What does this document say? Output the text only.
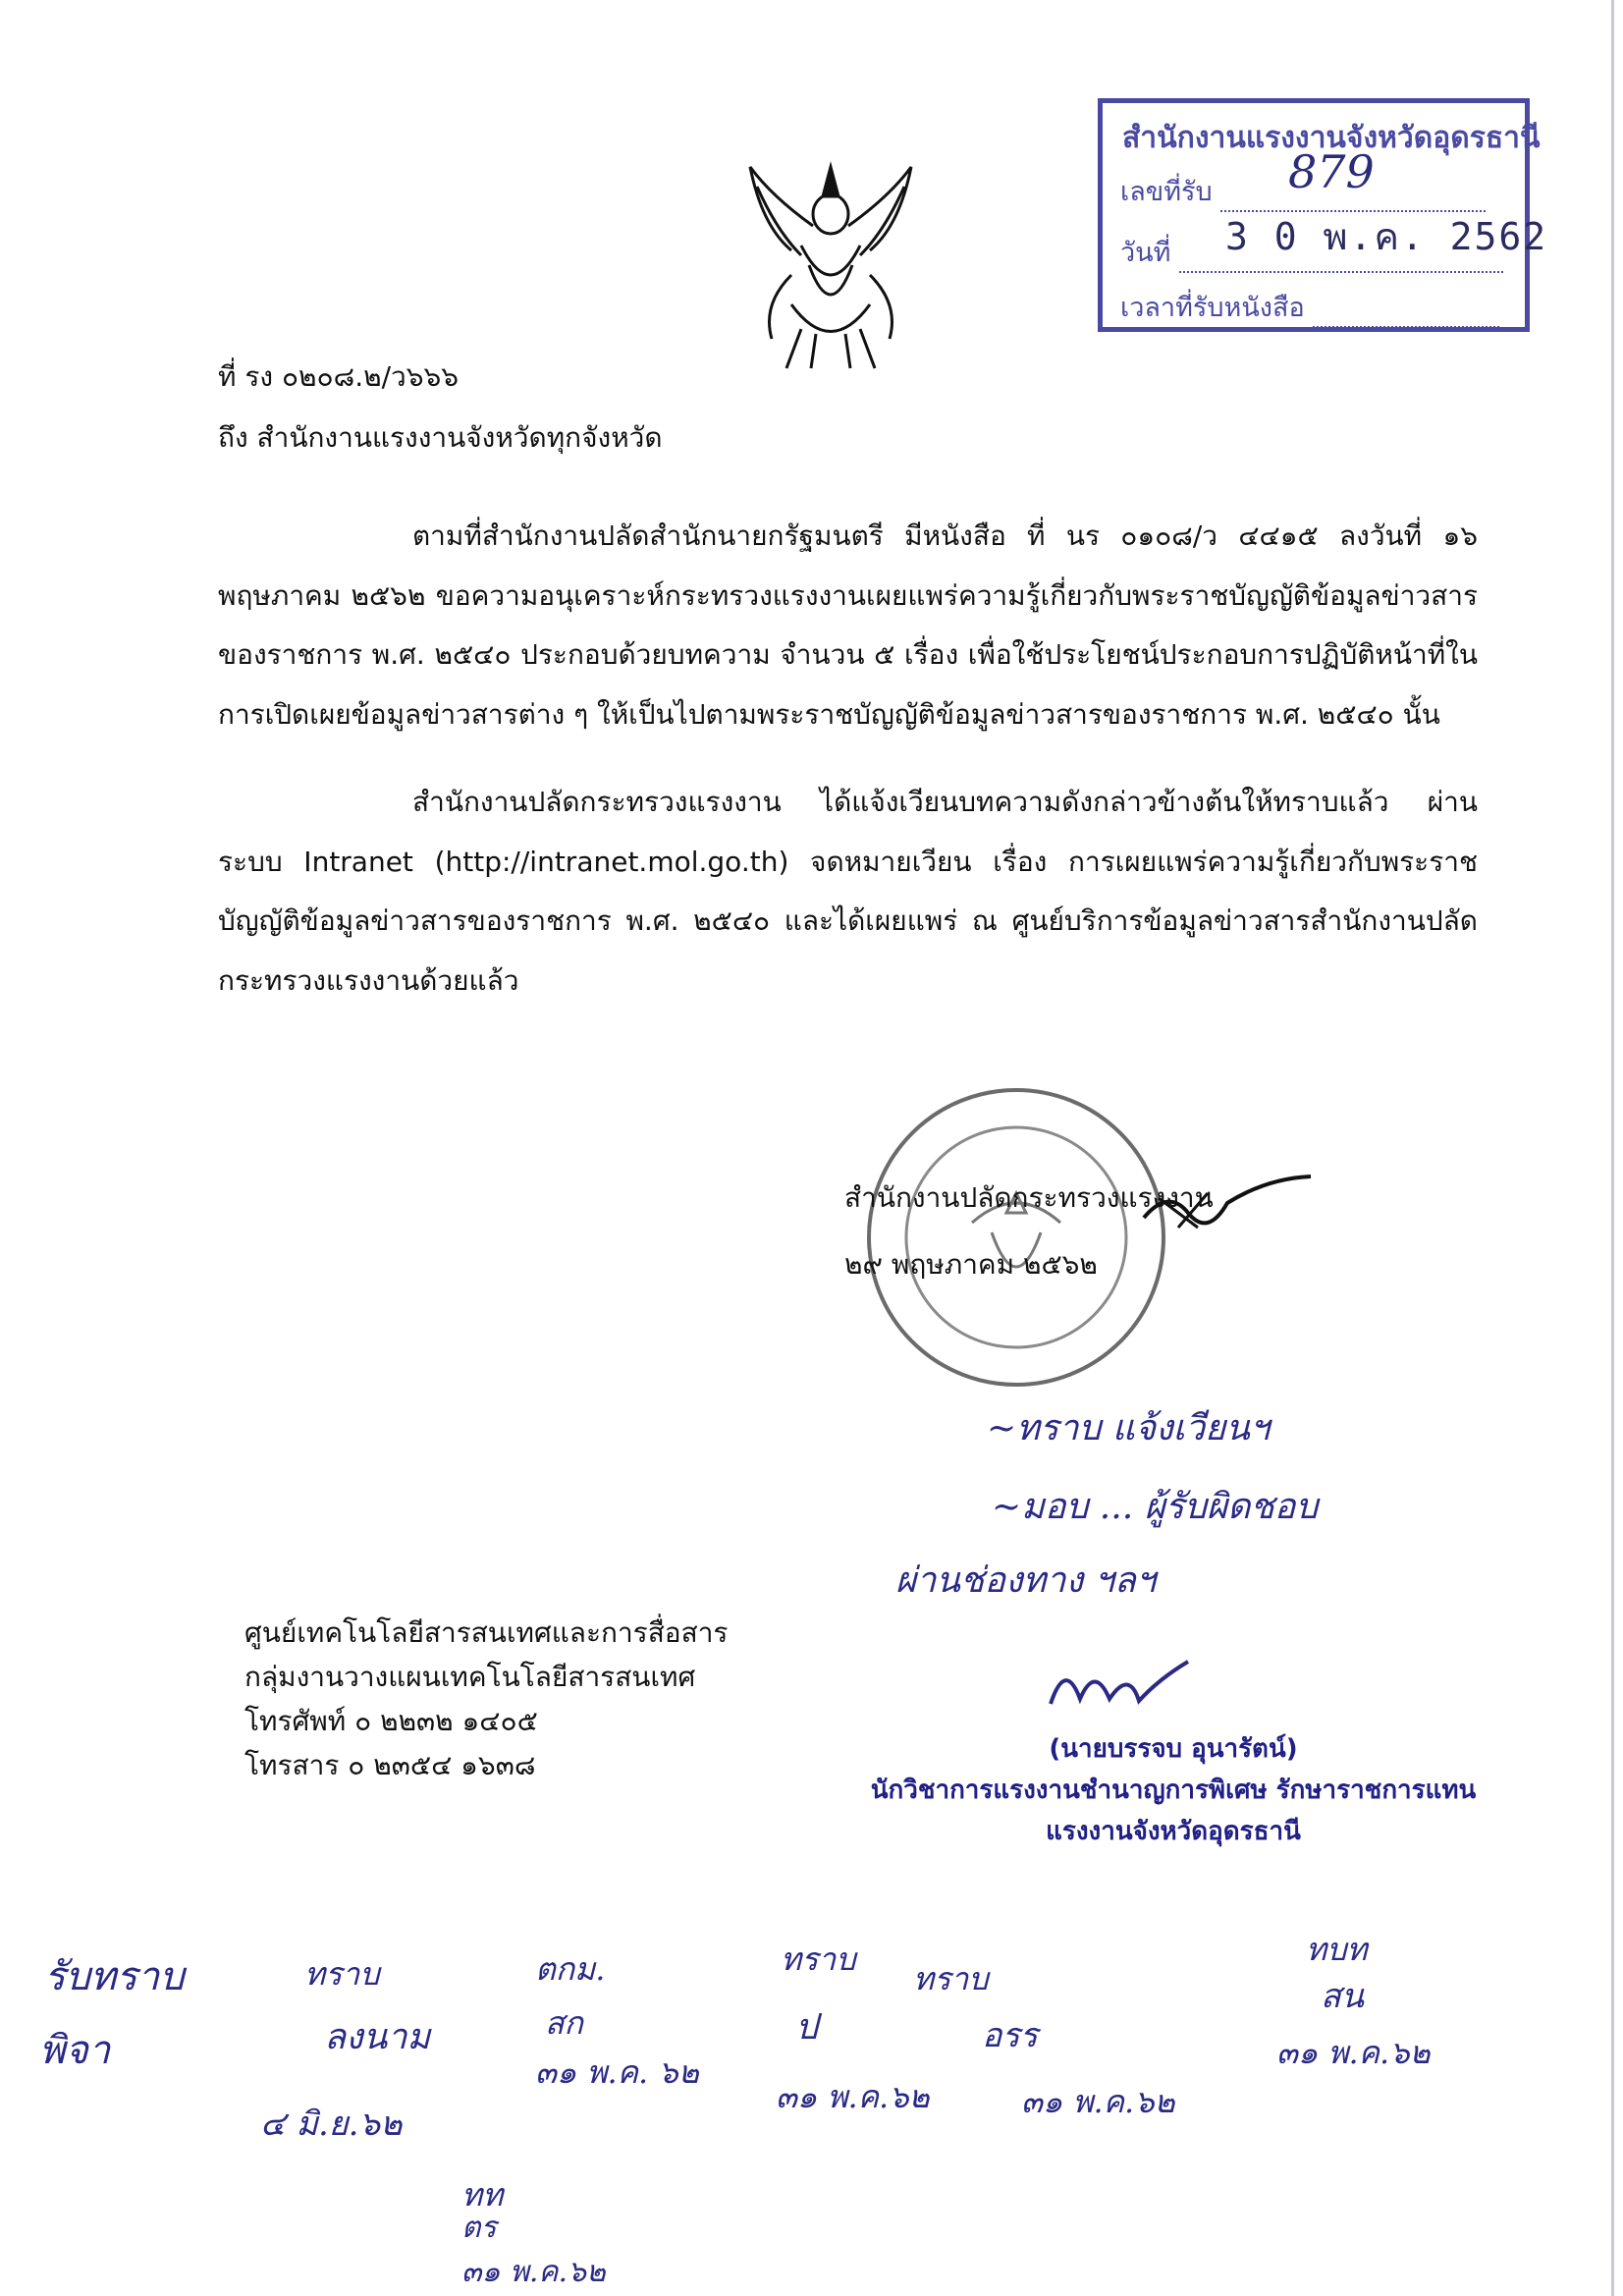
สำนักงานแรงงานจังหวัดอุดรธานี
เลขที่รับ
วันที่
เวลาที่รับหนังสือ
879
3 0 พ.ค. 2562
ที่ รง ๐๒๐๘.๒/ว๖๖๖
ถึง สำนักงานแรงงานจังหวัดทุกจังหวัด
ตามที่สำนักงานปลัดสำนักนายกรัฐมนตรี มีหนังสือ ที่ นร ๐๑๐๘/ว ๔๔๑๕ ลงวันที่ ๑๖ พฤษภาคม ๒๕๖๒ ขอความอนุเคราะห์กระทรวงแรงงานเผยแพร่ความรู้เกี่ยวกับพระราชบัญญัติข้อมูลข่าวสารของราชการ พ.ศ. ๒๕๔๐ ประกอบด้วยบทความ จำนวน ๕ เรื่อง เพื่อใช้ประโยชน์ประกอบการปฏิบัติหน้าที่ในการเปิดเผยข้อมูลข่าวสารต่าง ๆ ให้เป็นไปตามพระราชบัญญัติข้อมูลข่าวสารของราชการ พ.ศ. ๒๕๔๐ นั้น
สำนักงานปลัดกระทรวงแรงงาน ได้แจ้งเวียนบทความดังกล่าวข้างต้นให้ทราบแล้ว ผ่านระบบ Intranet (http://intranet.mol.go.th) จดหมายเวียน เรื่อง การเผยแพร่ความรู้เกี่ยวกับพระราชบัญญัติข้อมูลข่าวสารของราชการ พ.ศ. ๒๕๔๐ และได้เผยแพร่ ณ ศูนย์บริการข้อมูลข่าวสารสำนักงานปลัดกระทรวงแรงงานด้วยแล้ว
สำนักงานปลัดกระทรวงแรงงาน
๒๙ พฤษภาคม ๒๕๖๒
~ทราบ แจ้งเวียนฯ
~มอบ ... ผู้รับผิดชอบ
ผ่านช่องทาง ฯลฯ
ศูนย์เทคโนโลยีสารสนเทศและการสื่อสาร
กลุ่มงานวางแผนเทคโนโลยีสารสนเทศ
โทรศัพท์ ๐ ๒๒๓๒ ๑๔๐๕
โทรสาร ๐ ๒๓๕๔ ๑๖๓๘	(นายบรรจบ อุนารัตน์)
นักวิชาการแรงงานชำนาญการพิเศษ รักษาราชการแทน
แรงงานจังหวัดอุดรธานี
รับทราบ
พิจา
ทราบ
ลงนาม
๔ มิ.ย.๖๒
ตกม.
สก
๓๑ พ.ค. ๖๒
ทราบ
ป
๓๑ พ.ค.๖๒
ทราบ
อรร
๓๑ พ.ค.๖๒
ทบท
สน
๓๑ พ.ค.๖๒
ทท
ตร
๓๑ พ.ค.๖๒
